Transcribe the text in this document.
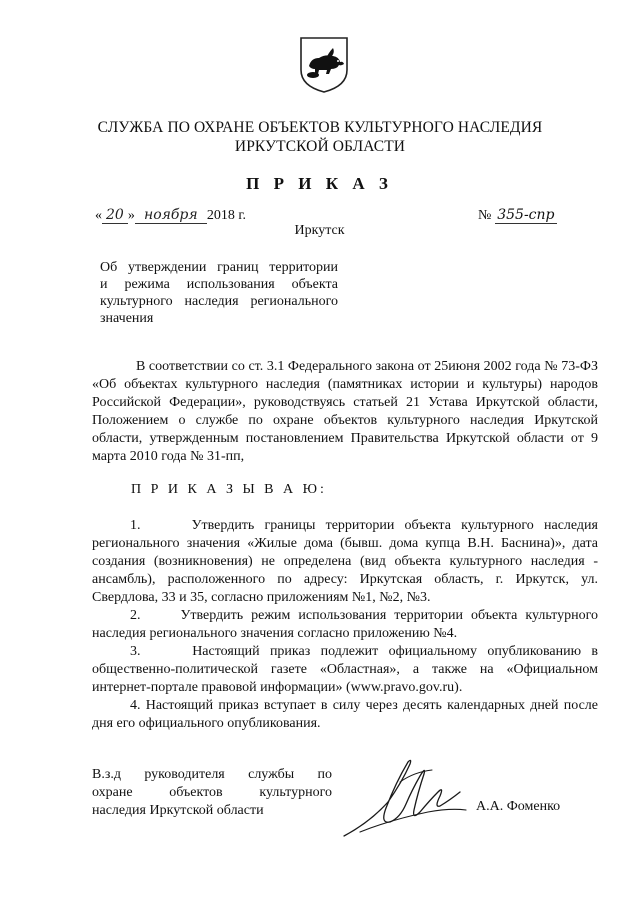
СЛУЖБА ПО ОХРАНЕ ОБЪЕКТОВ КУЛЬТУРНОГО НАСЛЕДИЯ
ИРКУТСКОЙ ОБЛАСТИ
П Р И К А З
« 20 » ноября 2018 г.	№ 355-спр
Иркутск
Об утверждении границ территории
и режима использования объекта
культурного наследия регионального
значения
В соответствии со ст. 3.1 Федерального закона от 25июня 2002 года № 73-ФЗ «Об объектах культурного наследия (памятниках истории и культуры) народов Российской Федерации», руководствуясь статьей 21 Устава Иркутской области, Положением о службе по охране объектов культурного наследия Иркутской области, утвержденным постановлением Правительства Иркутской области от 9 марта 2010 года № 31-пп,
П Р И К А З Ы В А Ю:
1.     Утвердить границы территории объекта культурного наследия регионального значения «Жилые дома (бывш. дома купца В.Н. Баснина)», дата создания (возникновения) не определена (вид объекта культурного наследия - ансамбль), расположенного по адресу: Иркутская область, г. Иркутск, ул. Свердлова, 33 и 35, согласно приложениям №1, №2, №3.
2.     Утвердить режим использования территории объекта культурного наследия регионального значения согласно приложению №4.
3.     Настоящий приказ подлежит официальному опубликованию в общественно-политической газете «Областная», а также на «Официальном интернет-портале правовой информации» (www.pravo.gov.ru).
4. Настоящий приказ вступает в силу через десять календарных дней после дня его официального опубликования.
В.з.д руководителя службы по
охране объектов культурного
наследия Иркутской области	А.А. Фоменко
